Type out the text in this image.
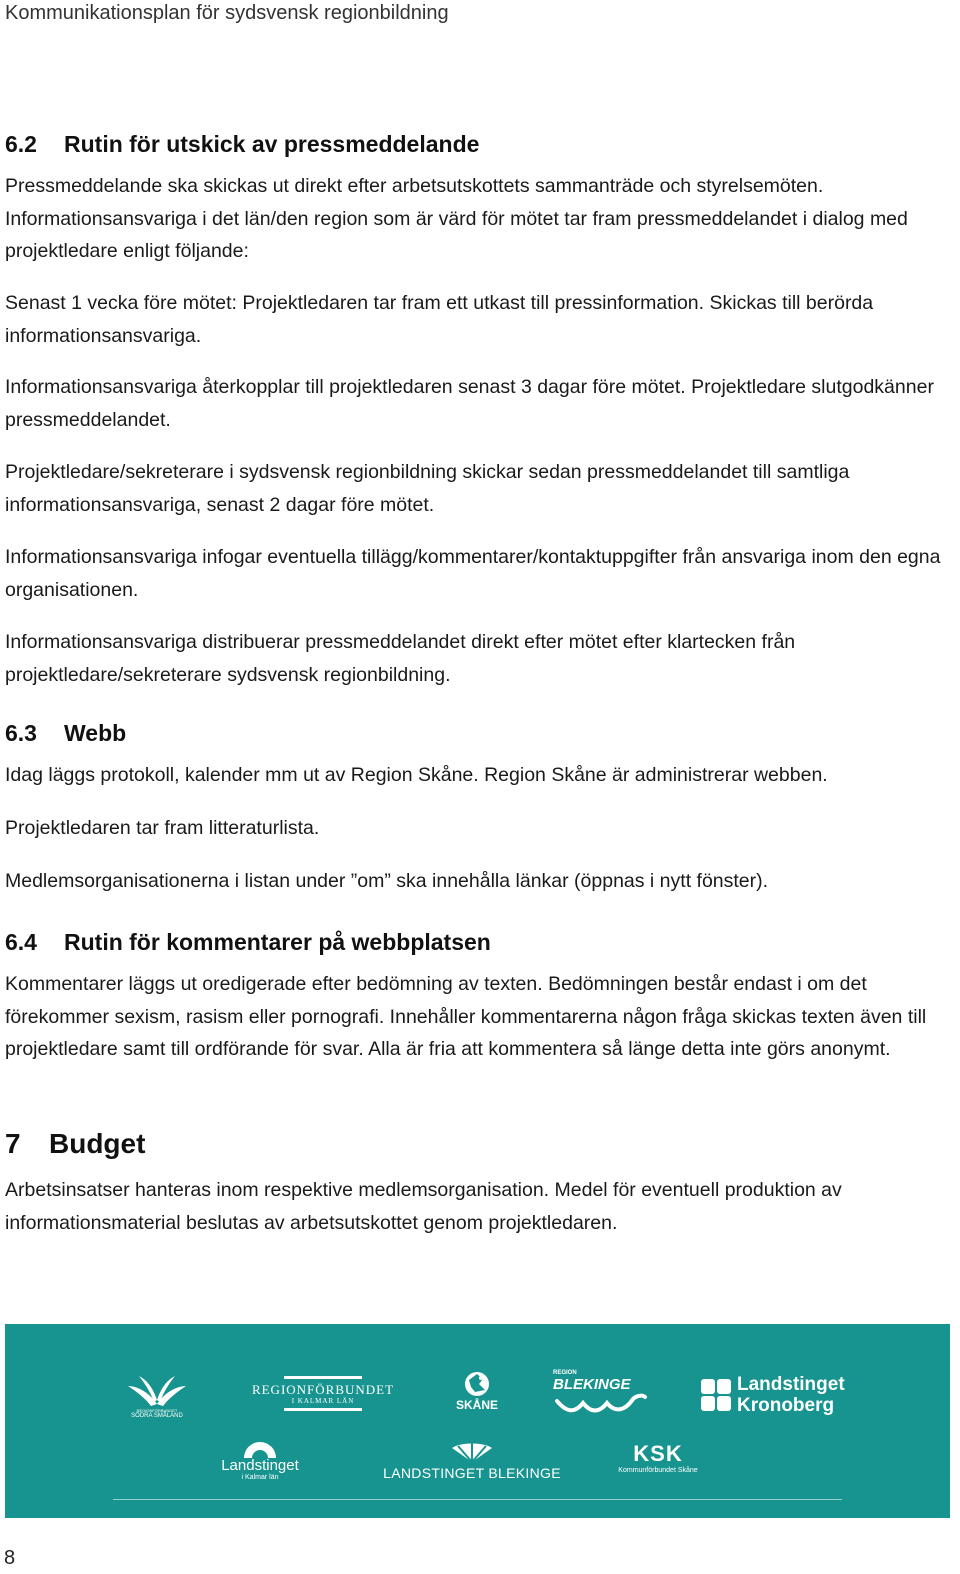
Kommunikationsplan för sydsvensk regionbildning
6.2	Rutin för utskick av pressmeddelande

Pressmeddelande ska skickas ut direkt efter arbetsutskottets sammanträde och styrelsemöten. Informationsansvariga i det län/den region som är värd för mötet tar fram pressmeddelandet i dialog med projektledare enligt följande:

Senast 1 vecka före mötet: Projektledaren tar fram ett utkast till pressinformation. Skickas till berörda informationsansvariga.

Informationsansvariga återkopplar till projektledaren senast 3 dagar före mötet. Projektledare slutgodkänner pressmeddelandet.

Projektledare/sekreterare i sydsvensk regionbildning skickar sedan pressmeddelandet till samtliga informationsansvariga, senast 2 dagar före mötet.

Informationsansvariga infogar eventuella tillägg/kommentarer/kontaktuppgifter från ansvariga inom den egna organisationen.

Informationsansvariga distribuerar pressmeddelandet direkt efter mötet efter klartecken från projektledare/sekreterare sydsvensk regionbildning.

6.3	Webb

Idag läggs protokoll, kalender mm ut av Region Skåne. Region Skåne är administrerar webben.

Projektledaren tar fram litteraturlista.

Medlemsorganisationerna i listan under ”om” ska innehålla länkar (öppnas i nytt fönster).

6.4	Rutin för kommentarer på webbplatsen

Kommentarer läggs ut oredigerade efter bedömning av texten. Bedömningen består endast i om det förekommer sexism, rasism eller pornografi. Innehåller kommentarerna någon fråga skickas texten även till projektledare samt till ordförande för svar. Alla är fria att kommentera så länge detta inte görs anonymt.

7	Budget

Arbetsinsatser hanteras inom respektive medlemsorganisation. Medel för eventuell produktion av informationsmaterial beslutas av arbetsutskottet genom projektledaren.

REGIONFÖRBUNDET
SÖDRA SMÅLAND
REGIONFÖRBUNDET
I KALMAR LÄN	SKÅNE
REGION
BLEKINGE	Landstinget
Kronoberg
Landstinget
i Kalmar län	LANDSTINGET BLEKINGE
KSK
Kommunförbundet Skåne
8
